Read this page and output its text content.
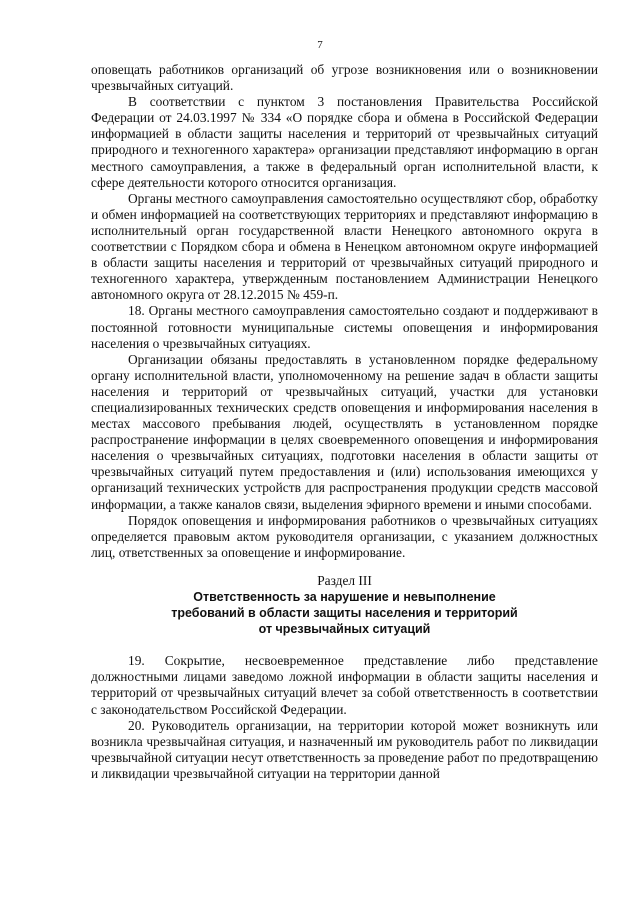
7

оповещать работников организаций об угрозе возникновения или о возникновении чрезвычайных ситуаций.

В соответствии с пунктом 3 постановления Правительства Российской Федерации от 24.03.1997 № 334 «О порядке сбора и обмена в Российской Федерации информацией в области защиты населения и территорий от чрезвычайных ситуаций природного и техногенного характера» организации представляют информацию в орган местного самоуправления, а также в федеральный орган исполнительной власти, к сфере деятельности которого относится организация.

Органы местного самоуправления самостоятельно осуществляют сбор, обработку и обмен информацией на соответствующих территориях и представляют информацию в исполнительный орган государственной власти Ненецкого автономного округа в соответствии с Порядком сбора и обмена в Ненецком автономном округе информацией в области защиты населения и территорий от чрезвычайных ситуаций природного и техногенного характера, утвержденным постановлением Администрации Ненецкого автономного округа от 28.12.2015 № 459-п.

18. Органы местного самоуправления самостоятельно создают и поддерживают в постоянной готовности муниципальные системы оповещения и информирования населения о чрезвычайных ситуациях.

Организации обязаны предоставлять в установленном порядке федеральному органу исполнительной власти, уполномоченному на решение задач в области защиты населения и территорий от чрезвычайных ситуаций, участки для установки специализированных технических средств оповещения и информирования населения в местах массового пребывания людей, осуществлять в установленном порядке распространение информации в целях своевременного оповещения и информирования населения о чрезвычайных ситуациях, подготовки населения в области защиты от чрезвычайных ситуаций путем предоставления и (или) использования имеющихся у организаций технических устройств для распространения продукции средств массовой информации, а также каналов связи, выделения эфирного времени и иными способами.

Порядок оповещения и информирования работников о чрезвычайных ситуациях определяется правовым актом руководителя организации, с указанием должностных лиц, ответственных за оповещение и информирование.

Раздел III
Ответственность за нарушение и невыполнение
требований в области защиты населения и территорий
от чрезвычайных ситуаций

19. Сокрытие, несвоевременное представление либо представление должностными лицами заведомо ложной информации в области защиты населения и территорий от чрезвычайных ситуаций влечет за собой ответственность в соответствии с законодательством Российской Федерации.

20. Руководитель организации, на территории которой может возникнуть или возникла чрезвычайная ситуация, и назначенный им руководитель работ по ликвидации чрезвычайной ситуации несут ответственность за проведение работ по предотвращению и ликвидации чрезвычайной ситуации на территории данной
